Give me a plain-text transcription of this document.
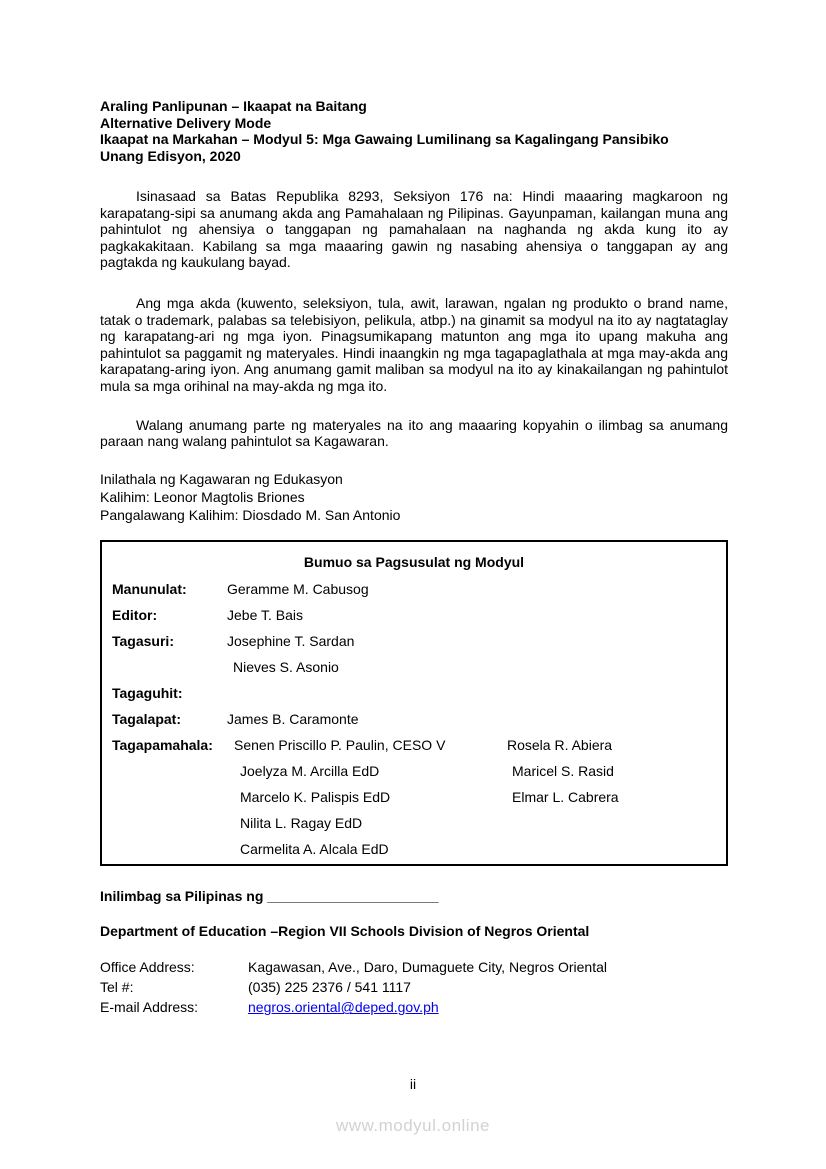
Araling Panlipunan – Ikaapat na Baitang
Alternative Delivery Mode
Ikaapat na Markahan – Modyul 5: Mga Gawaing Lumilinang sa Kagalingang Pansibiko
Unang Edisyon, 2020

Isinasaad sa Batas Republika 8293, Seksiyon 176 na: Hindi maaaring magkaroon ng karapatang-sipi sa anumang akda ang Pamahalaan ng Pilipinas. Gayunpaman, kailangan muna ang pahintulot ng ahensiya o tanggapan ng pamahalaan na naghanda ng akda kung ito ay pagkakakitaan. Kabilang sa mga maaaring gawin ng nasabing ahensiya o tanggapan ay ang pagtakda ng kaukulang bayad.

Ang mga akda (kuwento, seleksiyon, tula, awit, larawan, ngalan ng produkto o brand name, tatak o trademark, palabas sa telebisiyon, pelikula, atbp.) na ginamit sa modyul na ito ay nagtataglay ng karapatang-ari ng mga iyon. Pinagsumikapang matunton ang mga ito upang makuha ang pahintulot sa paggamit ng materyales. Hindi inaangkin ng mga tagapaglathala at mga may-akda ang karapatang-aring iyon. Ang anumang gamit maliban sa modyul na ito ay kinakailangan ng pahintulot mula sa mga orihinal na may-akda ng mga ito.

Walang anumang parte ng materyales na ito ang maaaring kopyahin o ilimbag sa anumang paraan nang walang pahintulot sa Kagawaran.

Inilathala ng Kagawaran ng Edukasyon
Kalihim: Leonor Magtolis Briones
Pangalawang Kalihim: Diosdado M. San Antonio
Bumuo sa Pagsusulat ng Modyul
Manunulat:	Geramme M. Cabusog
Editor:	Jebe T. Bais
Tagasuri:	Josephine T. Sardan
Nieves S. Asonio
Tagaguhit:
Tagalapat:	James B. Caramonte
Tagapamahala:	Senen Priscillo P. Paulin, CESO V	Rosela R. Abiera
Joelyza M. Arcilla EdD	Maricel S. Rasid
Marcelo K. Palispis EdD	Elmar L. Cabrera
Nilita L. Ragay EdD
Carmelita A. Alcala EdD
Inilimbag sa Pilipinas ng ______________________
Department of Education –Region VII Schools Division of Negros Oriental
Office Address:	Kagawasan, Ave., Daro, Dumaguete City, Negros Oriental
Tel #:	(035) 225 2376 / 541 1117
E-mail Address:	negros.oriental@deped.gov.ph
ii
www.modyul.online
